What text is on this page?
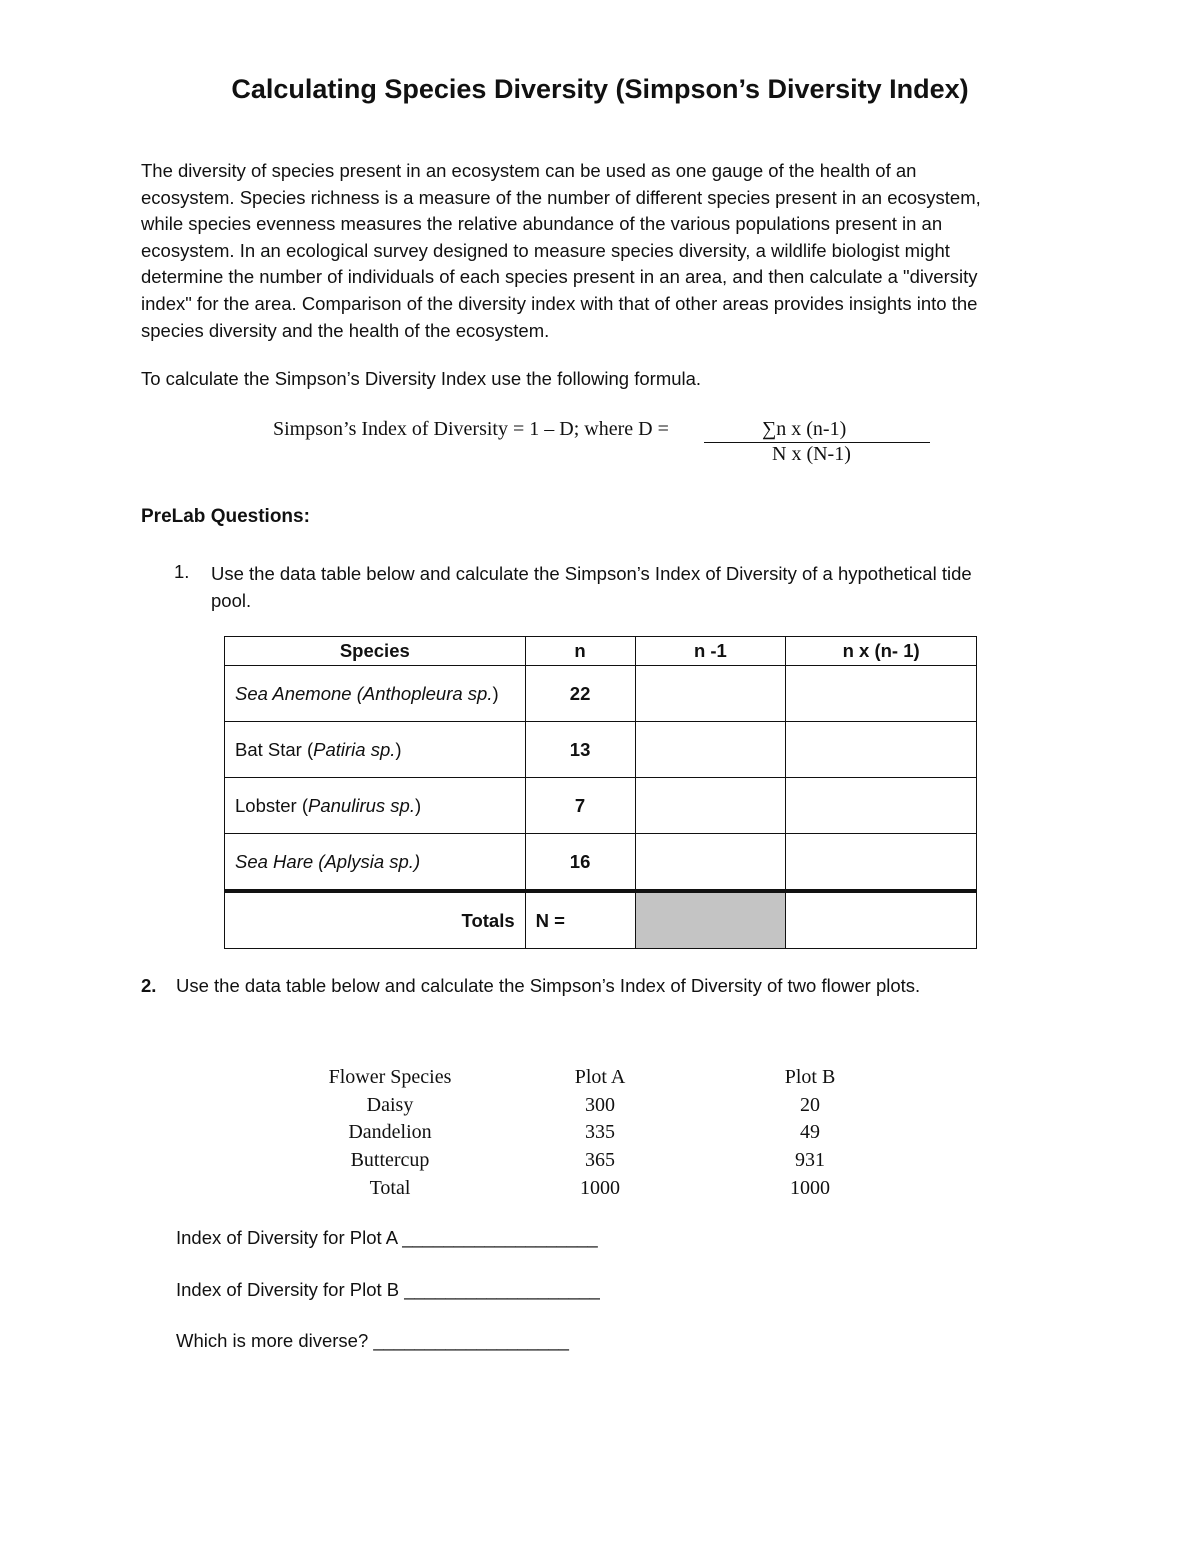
Calculating Species Diversity (Simpson’s Diversity Index)

The diversity of species present in an ecosystem can be used as one gauge of the health of an

ecosystem. Species richness is a measure of the number of different species present in an ecosystem,

while species evenness measures the relative abundance of the various populations present in an

ecosystem. In an ecological survey designed to measure species diversity, a wildlife biologist might

determine the number of individuals of each species present in an area, and then calculate a "diversity

index" for the area. Comparison of the diversity index with that of other areas provides insights into the

species diversity and the health of the ecosystem.

To calculate the Simpson’s Diversity Index use the following formula.
Simpson’s Index of Diversity = 1 – D; where D =	∑n x (n-1)
N x (N-1)
PreLab Questions:
1. Use the data table below and calculate the Simpson’s Index of Diversity of a hypothetical tide
pool.
Species	n	n -1	n x (n- 1)
Sea Anemone (Anthopleura sp.)	22		
Bat Star (Patiria sp.)	13		
Lobster (Panulirus sp.)	7		
Sea Hare (Aplysia sp.)	16		
Totals	N =		
2. Use the data table below and calculate the Simpson’s Index of Diversity of two flower plots.
Flower Species	Plot A	Plot B
Daisy	300	20
Dandelion	335	49
Buttercup	365	931
Total	1000	1000
Index of Diversity for Plot A ___________________
Index of Diversity for Plot B ___________________
Which is more diverse? ___________________
